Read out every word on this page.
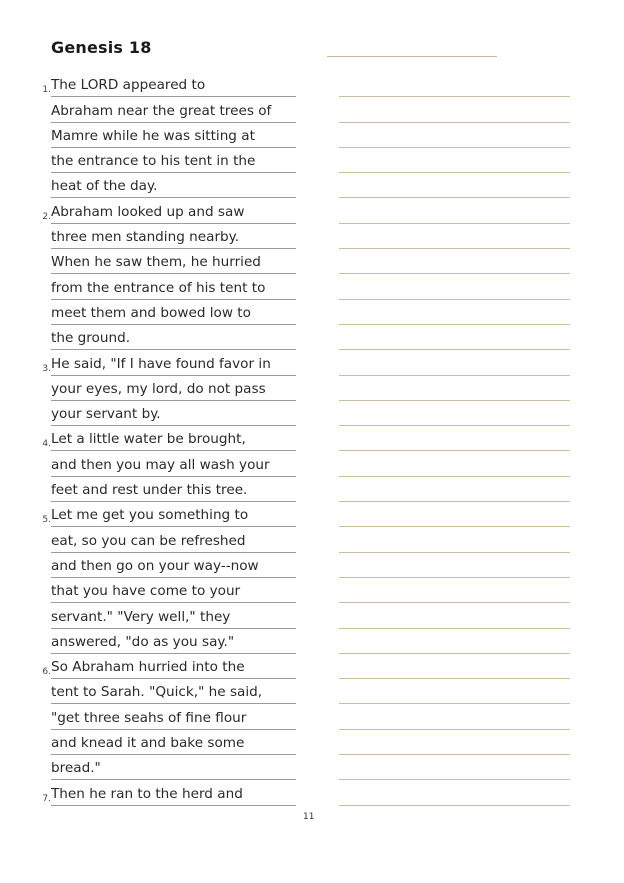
Genesis 18
1. The LORD appeared to
Abraham near the great trees of
Mamre while he was sitting at
the entrance to his tent in the
heat of the day.
2. Abraham looked up and saw
three men standing nearby.
When he saw them, he hurried
from the entrance of his tent to
meet them and bowed low to
the ground.
3. He said, "If I have found favor in
your eyes, my lord, do not pass
your servant by.
4. Let a little water be brought,
and then you may all wash your
feet and rest under this tree.
5. Let me get you something to
eat, so you can be refreshed
and then go on your way--now
that you have come to your
servant." "Very well," they
answered, "do as you say."
6. So Abraham hurried into the
tent to Sarah. "Quick," he said,
"get three seahs of fine flour
and knead it and bake some
bread."
7. Then he ran to the herd and
11
